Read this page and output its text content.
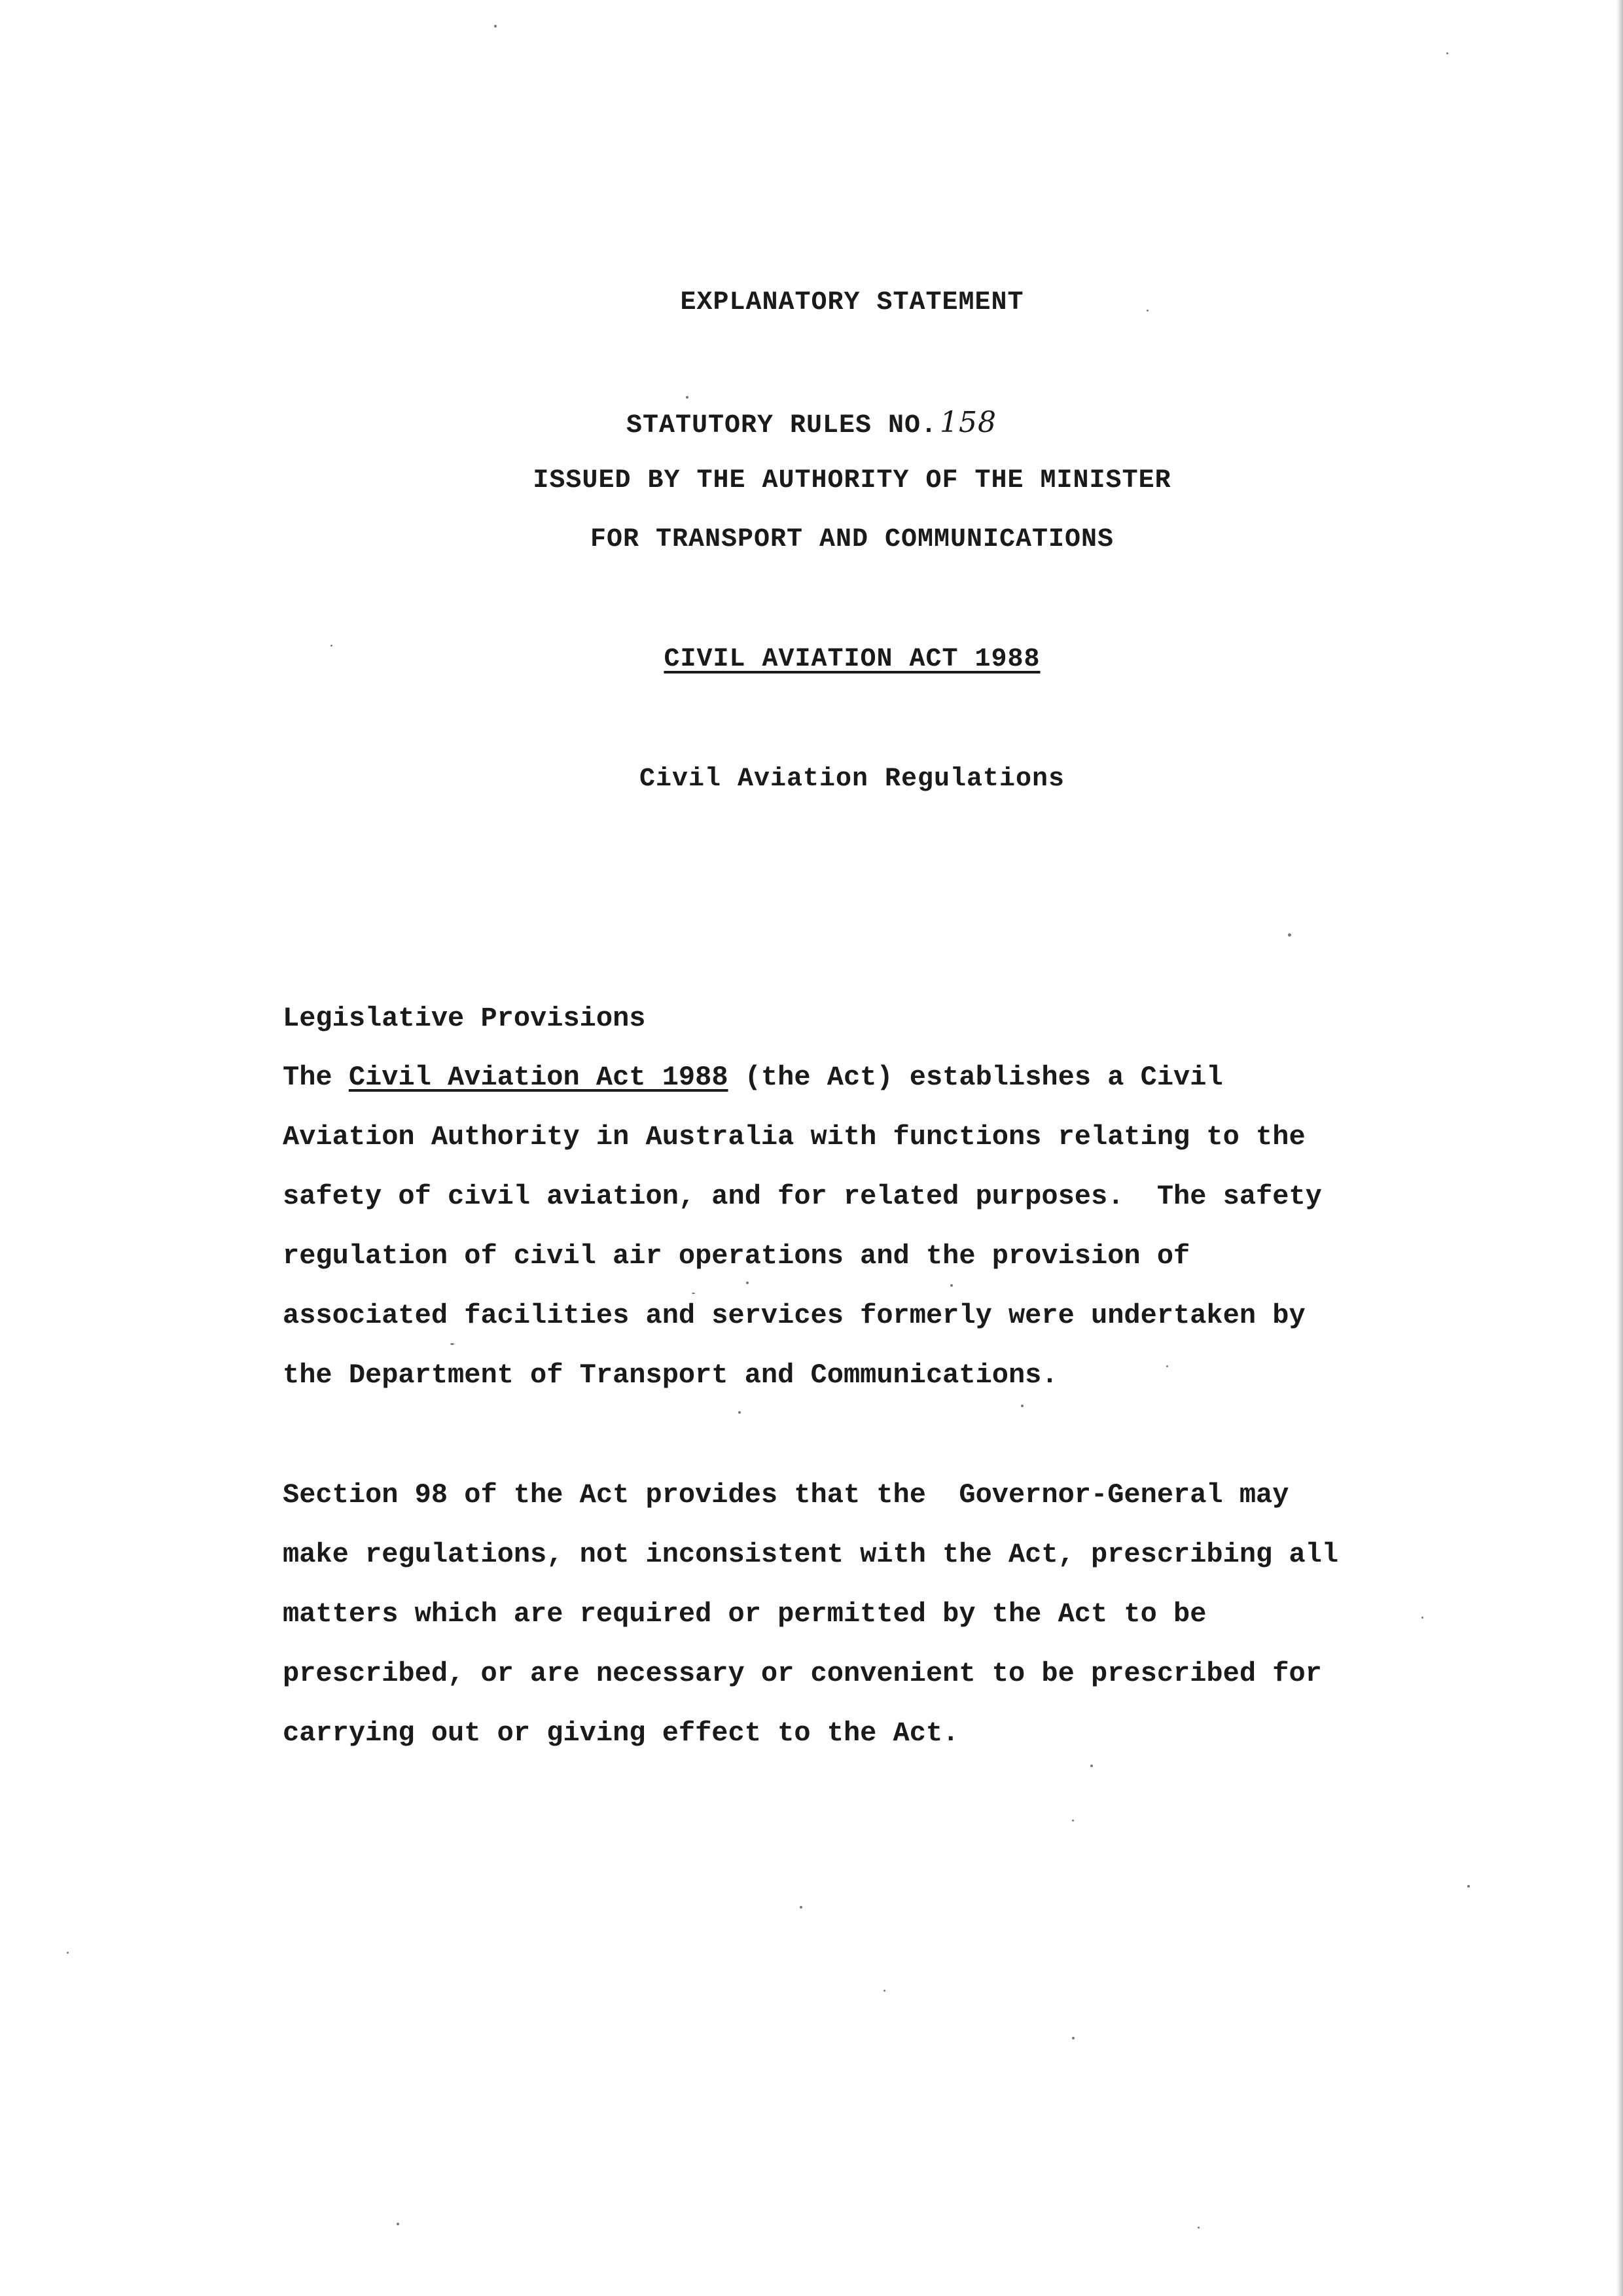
EXPLANATORY STATEMENT
STATUTORY RULES NO.158
ISSUED BY THE AUTHORITY OF THE MINISTER
FOR TRANSPORT AND COMMUNICATIONS
CIVIL AVIATION ACT 1988
Civil Aviation Regulations
Legislative Provisions
The Civil Aviation Act 1988 (the Act) establishes a Civil
Aviation Authority in Australia with functions relating to the
safety of civil aviation, and for related purposes.  The safety
regulation of civil air operations and the provision of
associated facilities and services formerly were undertaken by
the Department of Transport and Communications.
Section 98 of the Act provides that the  Governor-General may
make regulations, not inconsistent with the Act, prescribing all
matters which are required or permitted by the Act to be
prescribed, or are necessary or convenient to be prescribed for
carrying out or giving effect to the Act.
